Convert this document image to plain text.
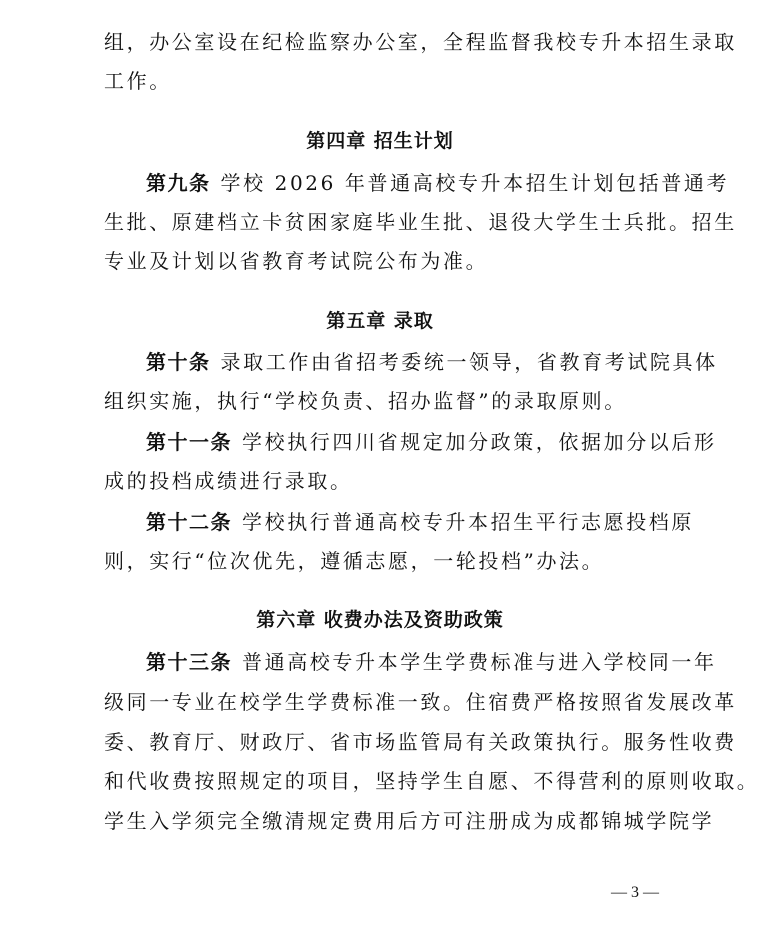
组，办公室设在纪检监察办公室，全程监督我校专升本招生录取
工作。
第四章 招生计划
第九条 学校 2026 年普通高校专升本招生计划包括普通考
生批、原建档立卡贫困家庭毕业生批、退役大学生士兵批。招生
专业及计划以省教育考试院公布为准。
第五章 录取
第十条 录取工作由省招考委统一领导，省教育考试院具体
组织实施，执行“学校负责、招办监督”的录取原则。
第十一条 学校执行四川省规定加分政策，依据加分以后形
成的投档成绩进行录取。
第十二条 学校执行普通高校专升本招生平行志愿投档原
则，实行“位次优先，遵循志愿，一轮投档”办法。
第六章 收费办法及资助政策
第十三条 普通高校专升本学生学费标准与进入学校同一年
级同一专业在校学生学费标准一致。住宿费严格按照省发展改革
委、教育厅、财政厅、省市场监管局有关政策执行。服务性收费
和代收费按照规定的项目，坚持学生自愿、不得营利的原则收取。
学生入学须完全缴清规定费用后方可注册成为成都锦城学院学
— 3 —
